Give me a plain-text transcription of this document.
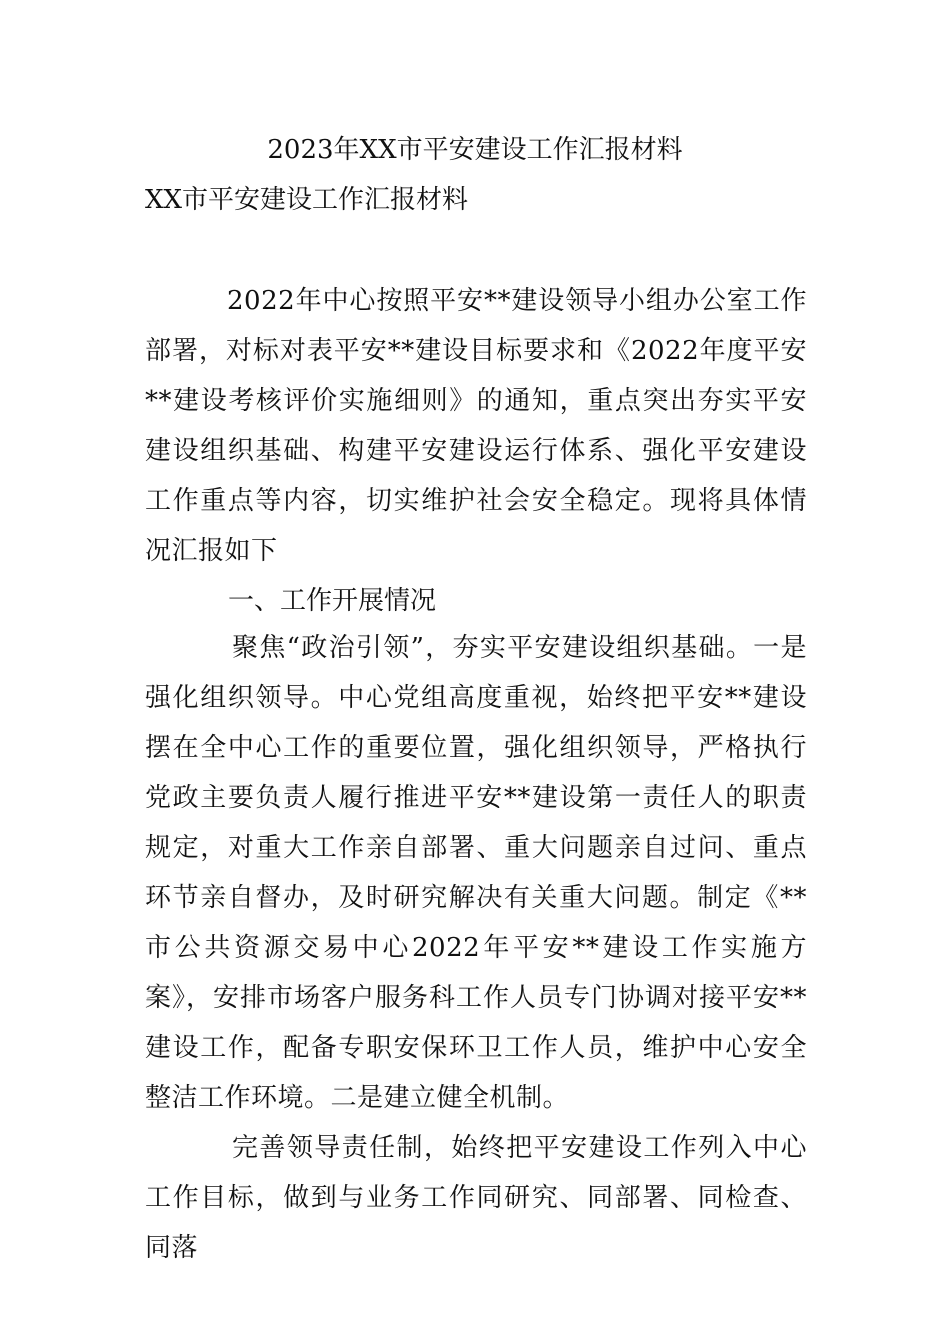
2023年XX市平安建设工作汇报材料
XX市平安建设工作汇报材料

2022年中心按照平安**建设领导小组办公室工作部署，对标对表平安**建设目标要求和《2022年度平安**建设考核评价实施细则》的通知，重点突出夯实平安建设组织基础、构建平安建设运行体系、强化平安建设工作重点等内容，切实维护社会安全稳定。现将具体情况汇报如下

一、工作开展情况

聚焦“政治引领”，夯实平安建设组织基础。一是强化组织领导。中心党组高度重视，始终把平安**建设摆在全中心工作的重要位置，强化组织领导，严格执行党政主要负责人履行推进平安**建设第一责任人的职责规定，对重大工作亲自部署、重大问题亲自过问、重点环节亲自督办，及时研究解决有关重大问题。制定《**市公共资源交易中心2022年平安**建设工作实施方案》，安排市场客户服务科工作人员专门协调对接平安**建设工作，配备专职安保环卫工作人员，维护中心安全整洁工作环境。二是建立健全机制。

完善领导责任制，始终把平安建设工作列入中心工作目标，做到与业务工作同研究、同部署、同检查、同落
